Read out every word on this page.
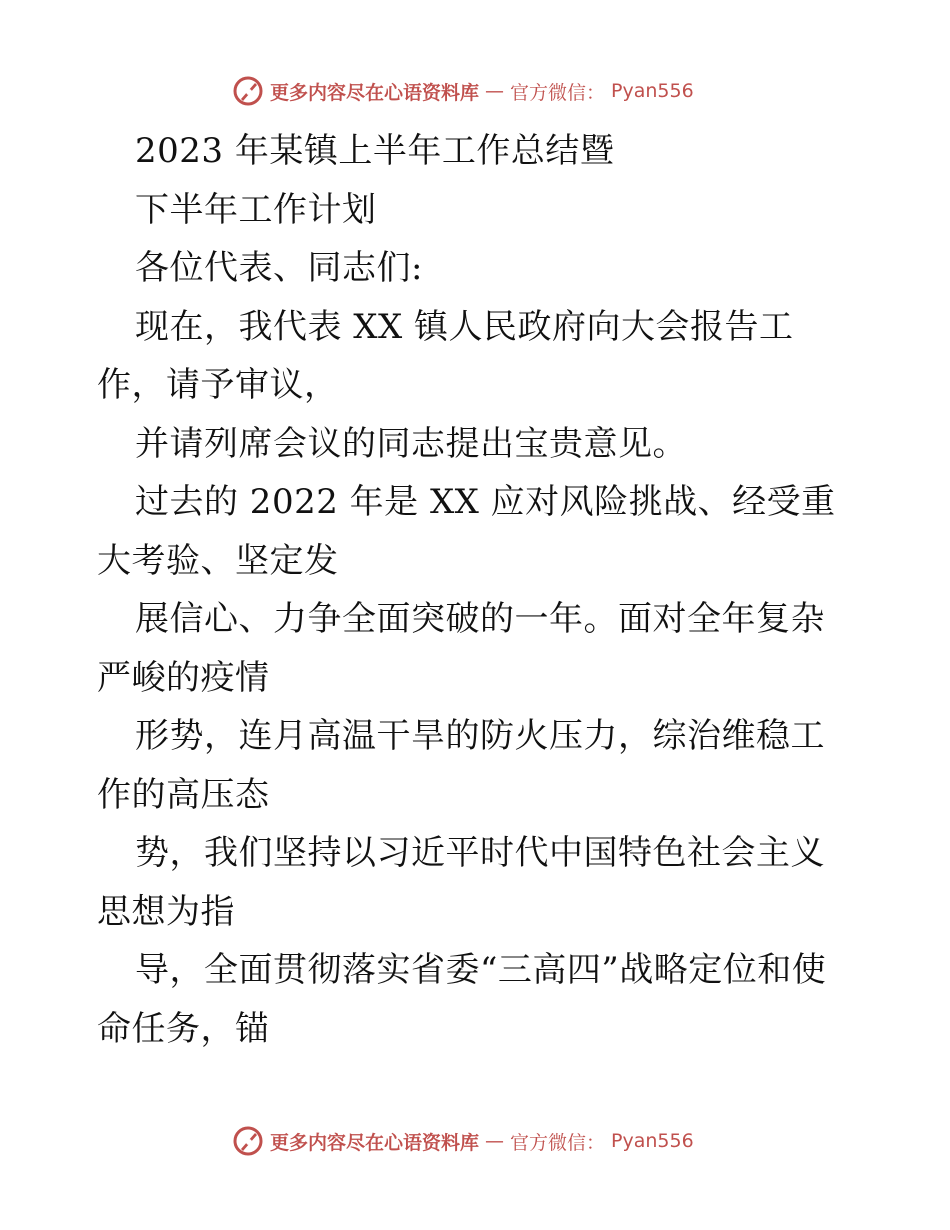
更多内容尽在心语资料库 — 官方微信： Pyan556

2023 年某镇上半年工作总结暨

下半年工作计划

各位代表、同志们:

现在，我代表 XX 镇人民政府向大会报告工作，请予审议，

并请列席会议的同志提出宝贵意见。

过去的 2022 年是 XX 应对风险挑战、经受重大考验、坚定发

展信心、力争全面突破的一年。面对全年复杂严峻的疫情

形势，连月高温干旱的防火压力，综治维稳工作的高压态

势，我们坚持以习近平时代中国特色社会主义思想为指

导，全面贯彻落实省委“三高四”战略定位和使命任务，锚

更多内容尽在心语资料库 — 官方微信： Pyan556
